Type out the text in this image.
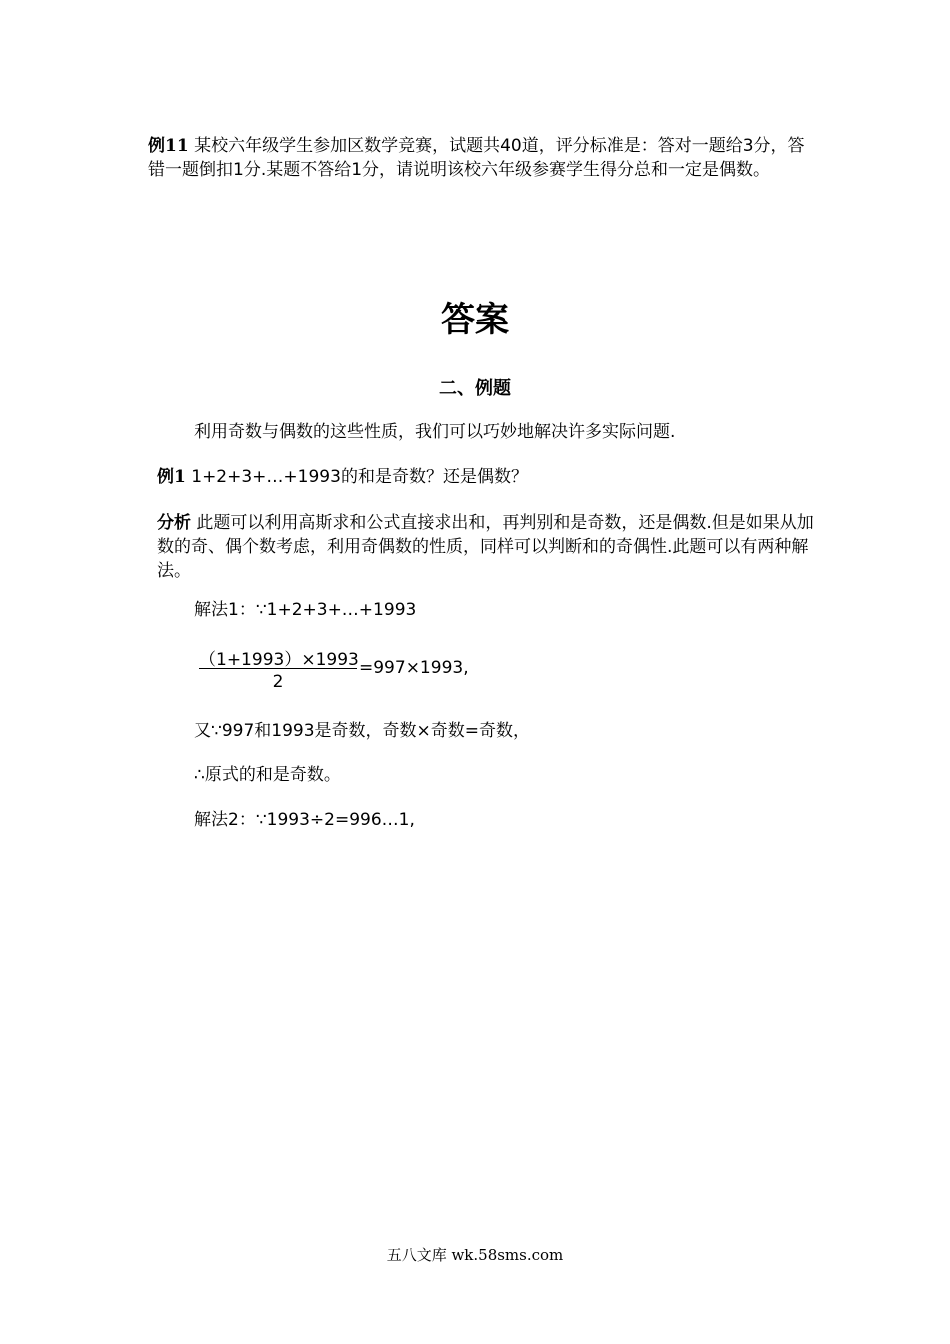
例11 某校六年级学生参加区数学竞赛，试题共40道，评分标准是：答对一题给3分，答错一题倒扣1分.某题不答给1分，请说明该校六年级参赛学生得分总和一定是偶数。
答案
二、例题
利用奇数与偶数的这些性质，我们可以巧妙地解决许多实际问题.
例1 1+2+3+…+1993的和是奇数？还是偶数？
分析 此题可以利用高斯求和公式直接求出和，再判别和是奇数，还是偶数.但是如果从加数的奇、偶个数考虑，利用奇偶数的性质，同样可以判断和的奇偶性.此题可以有两种解法。
解法1：∵1+2+3+…+1993
（1+1993）×1993
2
=997×1993,
又∵997和1993是奇数，奇数×奇数=奇数，
∴原式的和是奇数。
解法2：∵1993÷2=996…1,
五八文库 wk.58sms.com
